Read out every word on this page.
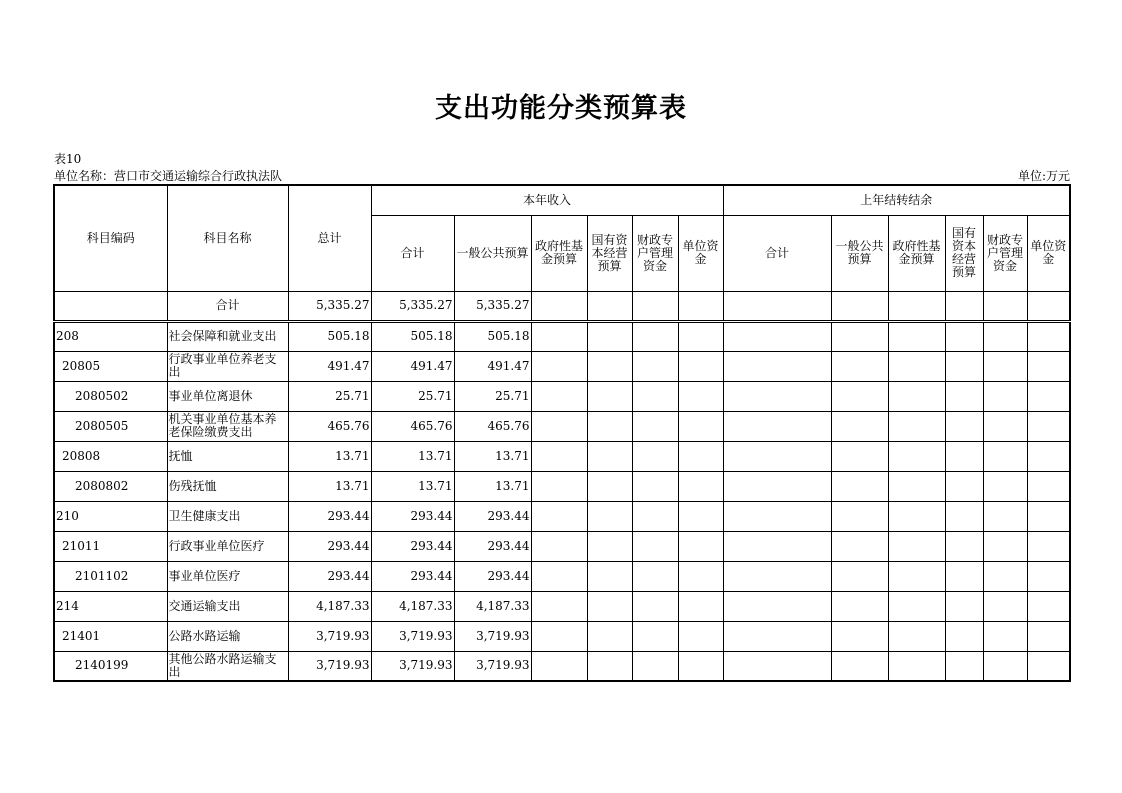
支出功能分类预算表
表10
单位名称：营口市交通运输综合行政执法队	单位:万元
科目编码	科目名称	总计	本年收入						上年结转结余					
			合计	一般公共预算	政府性基金预算	国有资本经营预算	财政专户管理资金	单位资金	合计	一般公共预算	政府性基金预算	国有资本经营预算	财政专户管理资金	单位资金
	合计	5,335.27	5,335.27	5,335.27										
208	社会保障和就业支出	505.18	505.18	505.18										
20805	行政事业单位养老支出	491.47	491.47	491.47										
2080502	事业单位离退休	25.71	25.71	25.71										
2080505	机关事业单位基本养老保险缴费支出	465.76	465.76	465.76										
20808	抚恤	13.71	13.71	13.71										
2080802	伤残抚恤	13.71	13.71	13.71										
210	卫生健康支出	293.44	293.44	293.44										
21011	行政事业单位医疗	293.44	293.44	293.44										
2101102	事业单位医疗	293.44	293.44	293.44										
214	交通运输支出	4,187.33	4,187.33	4,187.33										
21401	公路水路运输	3,719.93	3,719.93	3,719.93										
2140199	其他公路水路运输支出	3,719.93	3,719.93	3,719.93										
